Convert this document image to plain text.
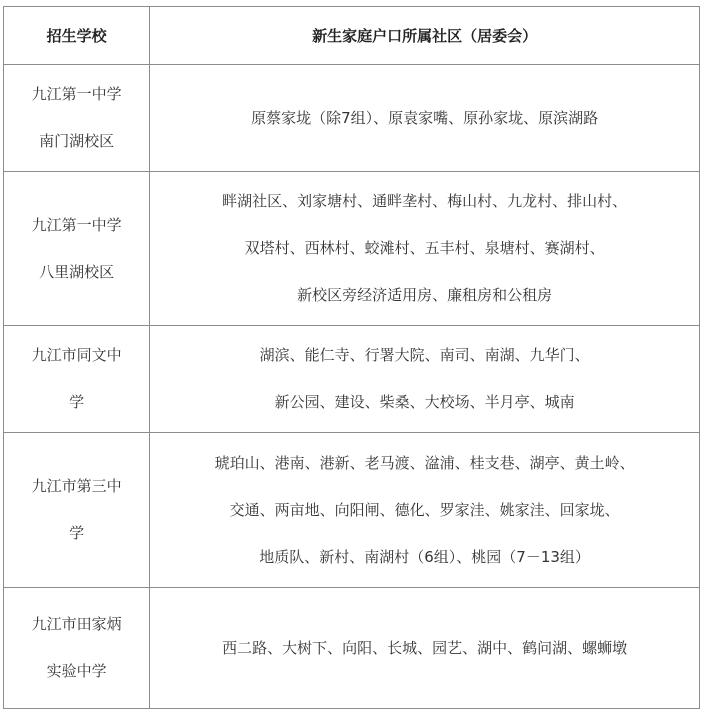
招生学校	新生家庭户口所属社区（居委会）

九江第一中学
南门湖校区	原蔡家垅（除7组）、原袁家嘴、原孙家垅、原滨湖路

九江第一中学
八里湖校区	畔湖社区、刘家塘村、通畔垄村、梅山村、九龙村、排山村、
双塔村、西林村、蛟滩村、五丰村、泉塘村、赛湖村、
新校区旁经济适用房、廉租房和公租房

九江市同文中
学	湖滨、能仁寺、行署大院、南司、南湖、九华门、
新公园、建设、柴桑、大校场、半月亭、城南

九江市第三中
学	琥珀山、港南、港新、老马渡、湓浦、桂支巷、湖亭、黄土岭、
交通、两亩地、向阳闸、德化、罗家洼、姚家洼、回家垅、
地质队、新村、南湖村（6组）、桃园（7－13组）

九江市田家炳
实验中学	西二路、大树下、向阳、长城、园艺、湖中、鹤问湖、螺蛳墩
